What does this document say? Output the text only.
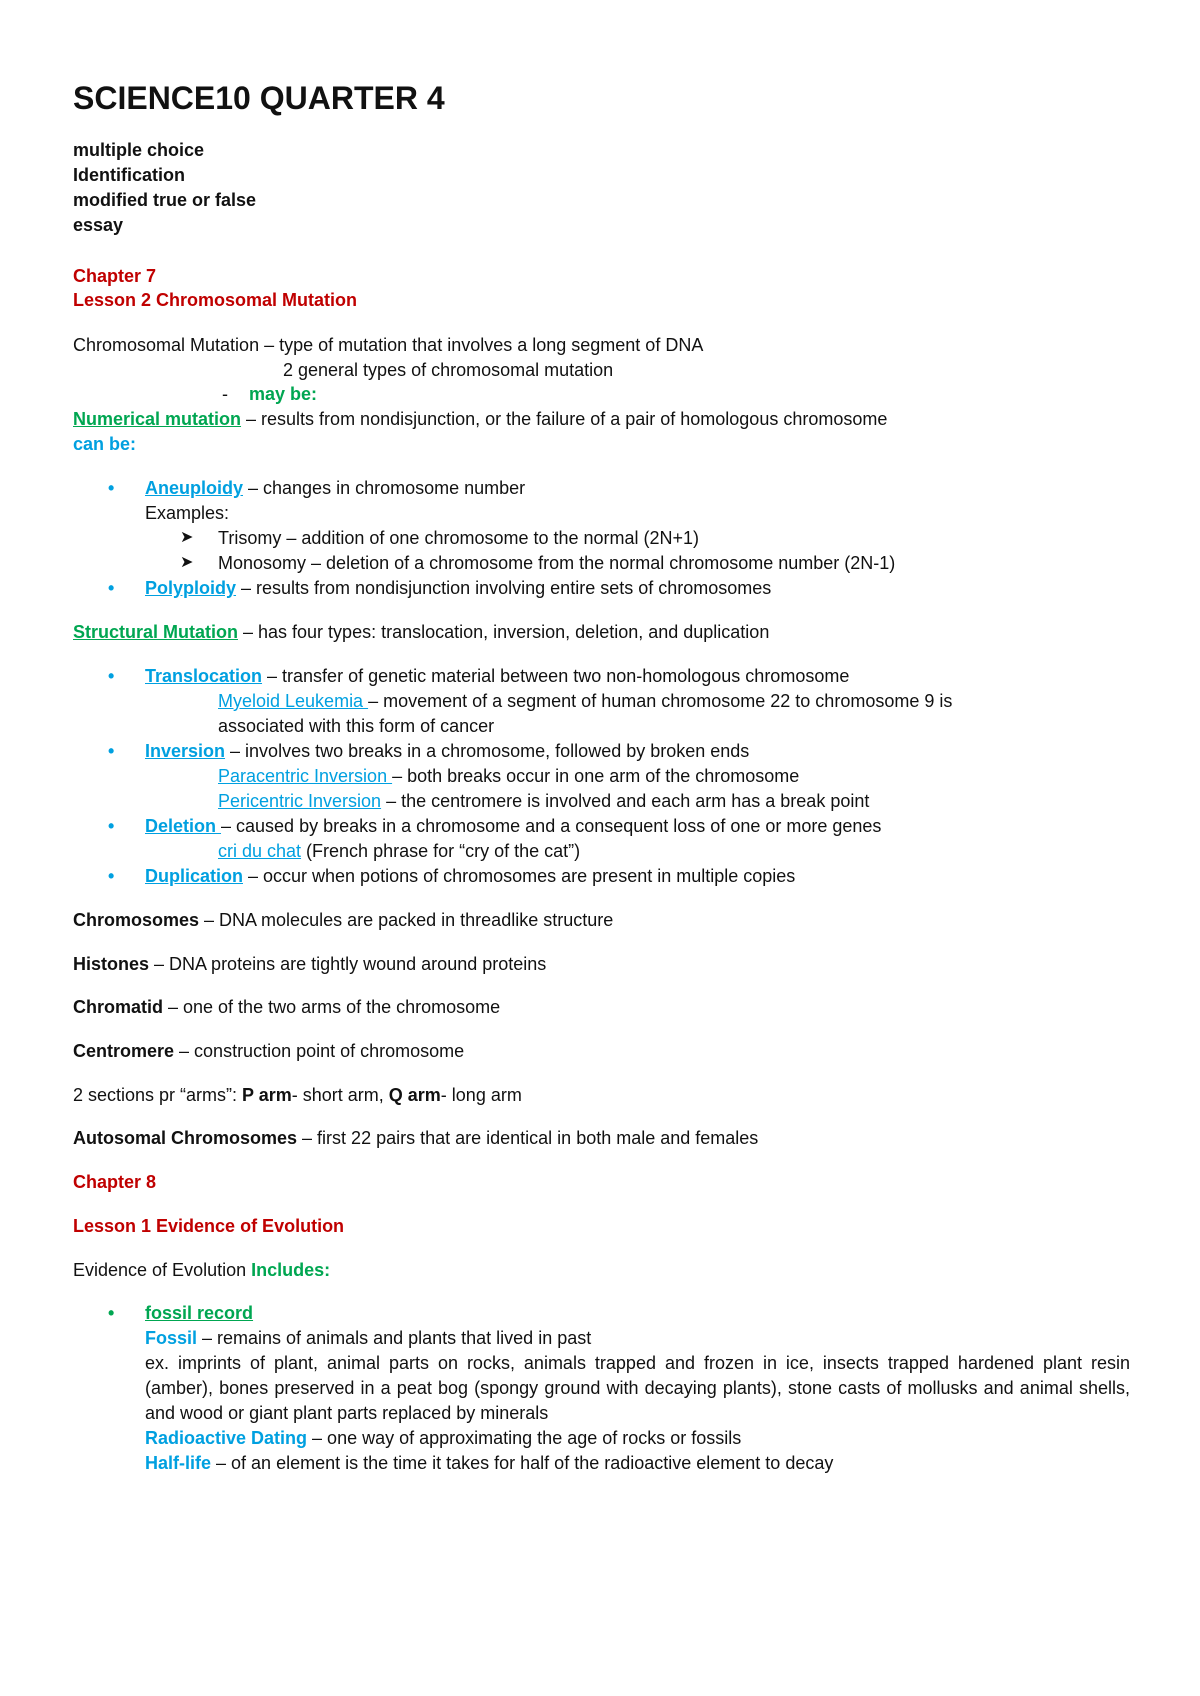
SCIENCE10 QUARTER 4
multiple choice
Identification
modified true or false
essay
Chapter 7
Lesson 2 Chromosomal Mutation
Chromosomal Mutation – type of mutation that involves a long segment of DNA
2 general types of chromosomal mutation
- may be:
Numerical mutation – results from nondisjunction, or the failure of a pair of homologous chromosome
can be:
• Aneuploidy – changes in chromosome number
Examples:
➤ Trisomy – addition of one chromosome to the normal (2N+1)
➤ Monosomy – deletion of a chromosome from the normal chromosome number (2N-1)
• Polyploidy – results from nondisjunction involving entire sets of chromosomes
Structural Mutation – has four types: translocation, inversion, deletion, and duplication
• Translocation – transfer of genetic material between two non-homologous chromosome
Myeloid Leukemia – movement of a segment of human chromosome 22 to chromosome 9 is
associated with this form of cancer
• Inversion – involves two breaks in a chromosome, followed by broken ends
Paracentric Inversion – both breaks occur in one arm of the chromosome
Pericentric Inversion – the centromere is involved and each arm has a break point
• Deletion – caused by breaks in a chromosome and a consequent loss of one or more genes
cri du chat (French phrase for “cry of the cat”)
• Duplication – occur when potions of chromosomes are present in multiple copies
Chromosomes – DNA molecules are packed in threadlike structure
Histones – DNA proteins are tightly wound around proteins
Chromatid – one of the two arms of the chromosome
Centromere – construction point of chromosome
2 sections pr “arms”: P arm- short arm, Q arm- long arm
Autosomal Chromosomes – first 22 pairs that are identical in both male and females
Chapter 8
Lesson 1 Evidence of Evolution
Evidence of Evolution Includes:
• fossil record
Fossil – remains of animals and plants that lived in past
ex. imprints of plant, animal parts on rocks, animals trapped and frozen in ice, insects trapped hardened plant resin (amber), bones preserved in a peat bog (spongy ground with decaying plants), stone casts of mollusks and animal shells, and wood or giant plant parts replaced by minerals
Radioactive Dating – one way of approximating the age of rocks or fossils
Half-life – of an element is the time it takes for half of the radioactive element to decay
